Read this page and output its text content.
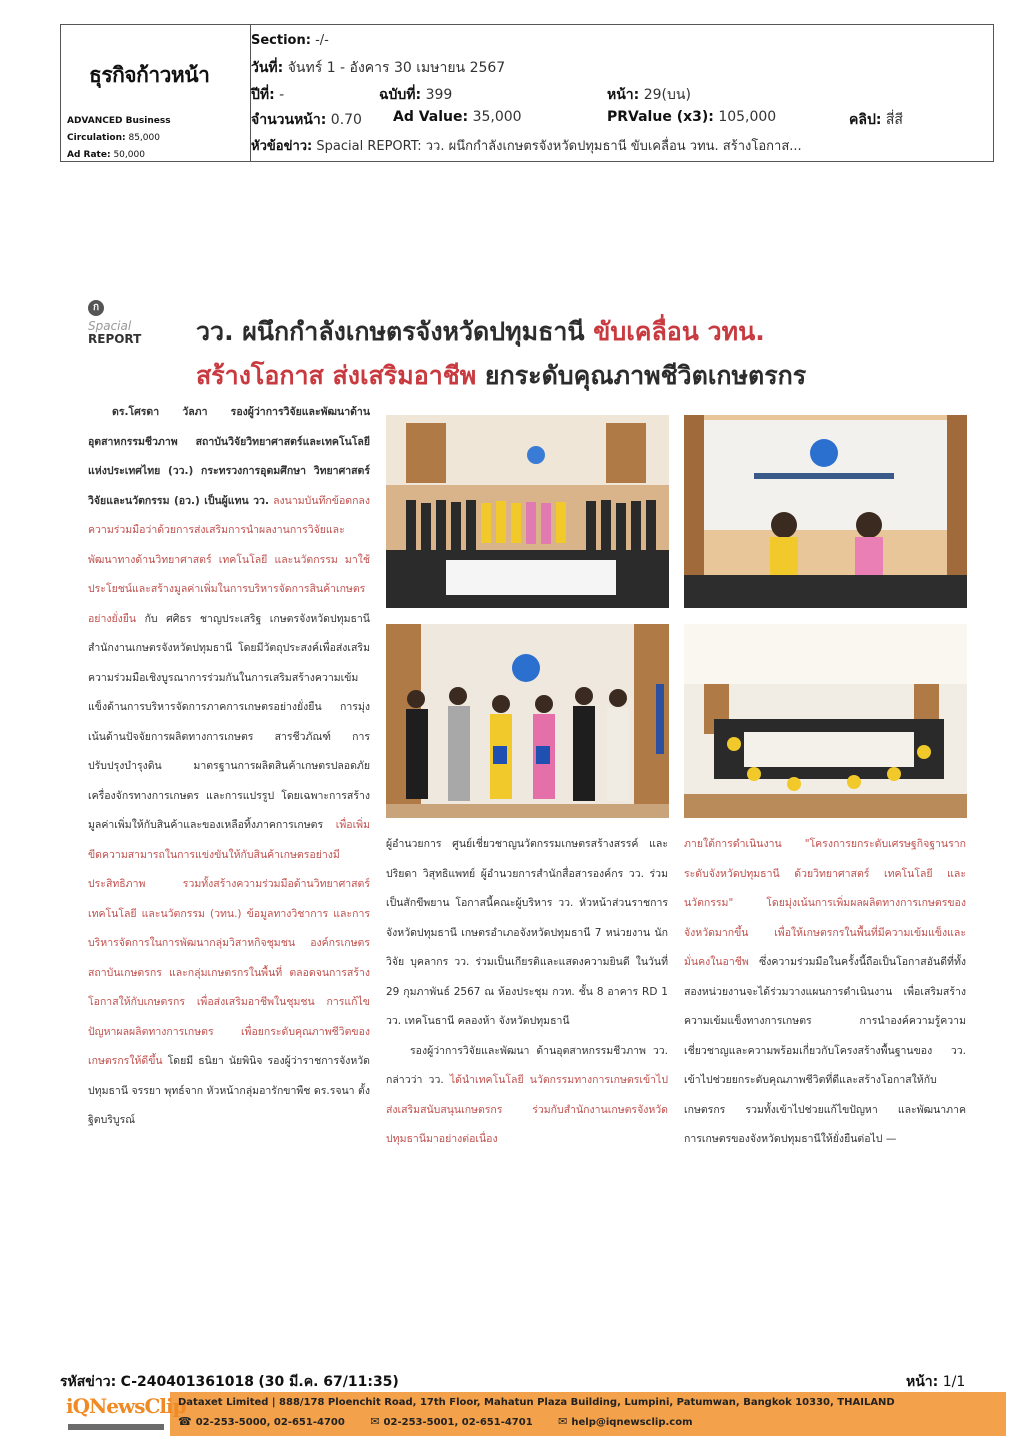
ธุรกิจก้าวหน้า
ADVANCED Business
Circulation: 85,000
Ad Rate: 50,000
Section: -/-
วันที่: จันทร์ 1 - อังคาร 30 เมษายน 2567
ปีที่: -	ฉบับที่: 399	หน้า: 29(บน)
จำนวนหน้า: 0.70 Ad Value: 35,000	PRValue (x3): 105,000	คลิป: สี่สี
หัวข้อข่าว: Spacial REPORT: วว. ผนึกกำลังเกษตรจังหวัดปทุมธานี ขับเคลื่อน วทน. สร้างโอกาส...
ก
Spacial
REPORT	วว. ผนึกกำลังเกษตรจังหวัดปทุมธานี ขับเคลื่อน วทน.
สร้างโอกาส ส่งเสริมอาชีพ ยกระดับคุณภาพชีวิตเกษตรกร
ดร.โศรดา วัลภา รองผู้ว่าการวิจัยและพัฒนาด้านอุตสาหกรรมชีวภาพ สถาบันวิจัยวิทยาศาสตร์และเทคโนโลยีแห่งประเทศไทย (วว.) กระทรวงการอุดมศึกษา วิทยาศาสตร์ วิจัยและนวัตกรรม (อว.) เป็นผู้แทน วว. ลงนามบันทึกข้อตกลงความร่วมมือว่าด้วยการส่งเสริมการนำผลงานการวิจัยและพัฒนาทางด้านวิทยาศาสตร์ เทคโนโลยี และนวัตกรรม มาใช้ประโยชน์และสร้างมูลค่าเพิ่มในการบริหารจัดการสินค้าเกษตรอย่างยั่งยืน กับ ศศิธร ชาญประเสริฐ เกษตรจังหวัดปทุมธานี สำนักงานเกษตรจังหวัดปทุมธานี โดยมีวัตถุประสงค์เพื่อส่งเสริมความร่วมมือเชิงบูรณาการร่วมกันในการเสริมสร้างความเข้มแข็งด้านการบริหารจัดการภาคการเกษตรอย่างยั่งยืน การมุ่งเน้นด้านปัจจัยการผลิตทางการเกษตร สารชีวภัณฑ์ การปรับปรุงบำรุงดิน มาตรฐานการผลิตสินค้าเกษตรปลอดภัย เครื่องจักรทางการเกษตร และการแปรรูป โดยเฉพาะการสร้างมูลค่าเพิ่มให้กับสินค้าและของเหลือทิ้งภาคการเกษตร เพื่อเพิ่มขีดความสามารถในการแข่งขันให้กับสินค้าเกษตรอย่างมีประสิทธิภาพ รวมทั้งสร้างความร่วมมือด้านวิทยาศาสตร์ เทคโนโลยี และนวัตกรรม (วทน.) ข้อมูลทางวิชาการ และการบริหารจัดการในการพัฒนากลุ่มวิสาหกิจชุมชน องค์กรเกษตร สถาบันเกษตรกร และกลุ่มเกษตรกรในพื้นที่ ตลอดจนการสร้างโอกาสให้กับเกษตรกร เพื่อส่งเสริมอาชีพในชุมชน การแก้ไขปัญหาผลผลิตทางการเกษตร เพื่อยกระดับคุณภาพชีวิตของเกษตรกรให้ดีขึ้น โดยมี ธนิยา นัยพินิจ รองผู้ว่าราชการจังหวัดปทุมธานี จรรยา พุทธ์จาก หัวหน้ากลุ่มอารักขาพืช ดร.รจนา ตั้งฐิตบริบูรณ์
ผู้อำนวยการ ศูนย์เชี่ยวชาญนวัตกรรมเกษตรสร้างสรรค์ และปริยดา วิสุทธิแพทย์ ผู้อำนวยการสำนักสื่อสารองค์กร วว. ร่วมเป็นสักขีพยาน โอกาสนี้คณะผู้บริหาร วว. หัวหน้าส่วนราชการจังหวัดปทุมธานี เกษตรอำเภอจังหวัดปทุมธานี 7 หน่วยงาน นักวิจัย บุคลากร วว. ร่วมเป็นเกียรติและแสดงความยินดี ในวันที่ 29 กุมภาพันธ์ 2567 ณ ห้องประชุม กวท. ชั้น 8 อาคาร RD 1 วว. เทคโนธานี คลองห้า จังหวัดปทุมธานี
รองผู้ว่าการวิจัยและพัฒนา ด้านอุตสาหกรรมชีวภาพ วว. กล่าวว่า วว. ได้นำเทคโนโลยี นวัตกรรมทางการเกษตรเข้าไปส่งเสริมสนับสนุนเกษตรกร ร่วมกับสำนักงานเกษตรจังหวัดปทุมธานีมาอย่างต่อเนื่อง
ภายใต้การดำเนินงาน "โครงการยกระดับเศรษฐกิจฐานรากระดับจังหวัดปทุมธานี ด้วยวิทยาศาสตร์ เทคโนโลยี และนวัตกรรม" โดยมุ่งเน้นการเพิ่มผลผลิตทางการเกษตรของจังหวัดมากขึ้น เพื่อให้เกษตรกรในพื้นที่มีความเข้มแข็งและมั่นคงในอาชีพ ซึ่งความร่วมมือในครั้งนี้ถือเป็นโอกาสอันดีที่ทั้งสองหน่วยงานจะได้ร่วมวางแผนการดำเนินงาน เพื่อเสริมสร้างความเข้มแข็งทางการเกษตร การนำองค์ความรู้ความเชี่ยวชาญและความพร้อมเกี่ยวกับโครงสร้างพื้นฐานของ วว. เข้าไปช่วยยกระดับคุณภาพชีวิตที่ดีและสร้างโอกาสให้กับเกษตรกร รวมทั้งเข้าไปช่วยแก้ไขปัญหา และพัฒนาภาคการเกษตรของจังหวัดปทุมธานีให้ยั่งยืนต่อไป —
รหัสข่าว: C-240401361018 (30 มี.ค. 67/11:35)	หน้า: 1/1
iQNewsClip
Dataxet Limited | 888/178 Ploenchit Road, 17th Floor, Mahatun Plaza Building, Lumpini, Patumwan, Bangkok 10330, THAILAND
☎ 02-253-5000, 02-651-4700 ✉ 02-253-5001, 02-651-4701 ✉ help@iqnewsclip.com
